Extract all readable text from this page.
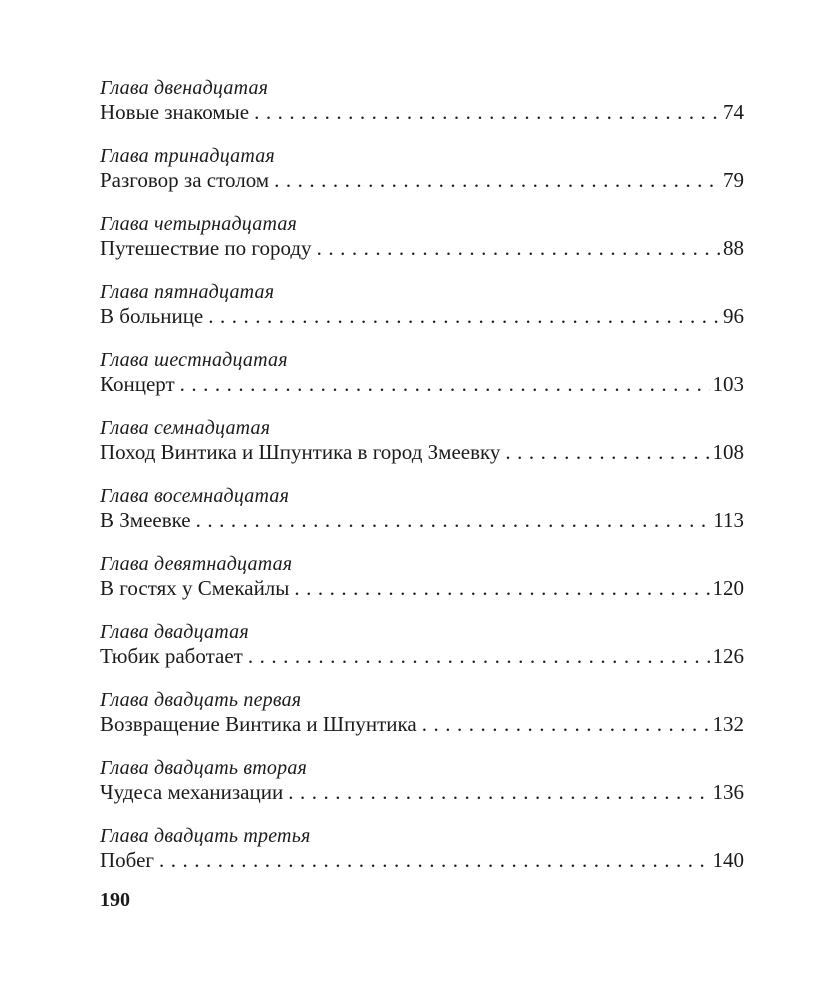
Глава двенадцатая
Новые знакомые .....	74
Глава тринадцатая
Разговор за столом .....	79
Глава четырнадцатая
Путешествие по городу .....	88
Глава пятнадцатая
В больнице .....	96
Глава шестнадцатая
Концерт .....	103
Глава семнадцатая
Поход Винтика и Шпунтика в город Змеевку .....	108
Глава восемнадцатая
В Змеевке .....	113
Глава девятнадцатая
В гостях у Смекайлы .....	120
Глава двадцатая
Тюбик работает .....	126
Глава двадцать первая
Возвращение Винтика и Шпунтика .....	132
Глава двадцать вторая
Чудеса механизации .....	136
Глава двадцать третья
Побег .....	140
190
